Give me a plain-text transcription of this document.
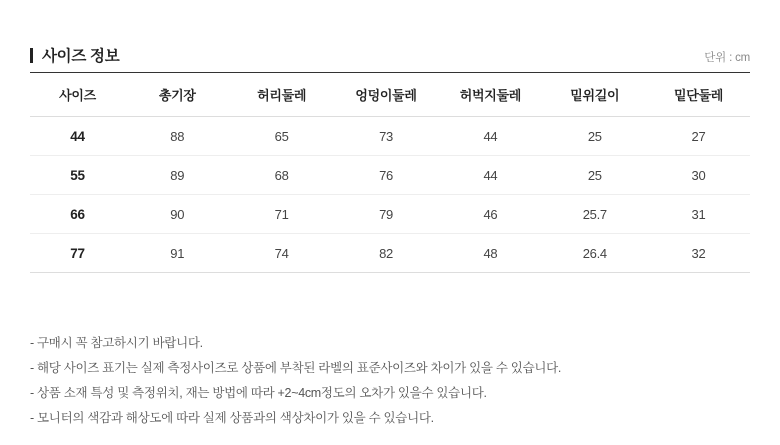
사이즈 정보	단위 : cm
사이즈	총기장	허리둘레	엉덩이둘레	허벅지둘레	밑위길이	밑단둘레
44	88	65	73	44	25	27
55	89	68	76	44	25	30
66	90	71	79	46	25.7	31
77	91	74	82	48	26.4	32
- 구매시 꼭 참고하시기 바랍니다.
- 해당 사이즈 표기는 실제 측정사이즈로 상품에 부착된 라벨의 표준사이즈와 차이가 있을 수 있습니다.
- 상품 소재 특성 및 측정위치, 재는 방법에 따라 +2~4cm정도의 오차가 있을수 있습니다.
- 모니터의 색감과 해상도에 따라 실제 상품과의 색상차이가 있을 수 있습니다.
